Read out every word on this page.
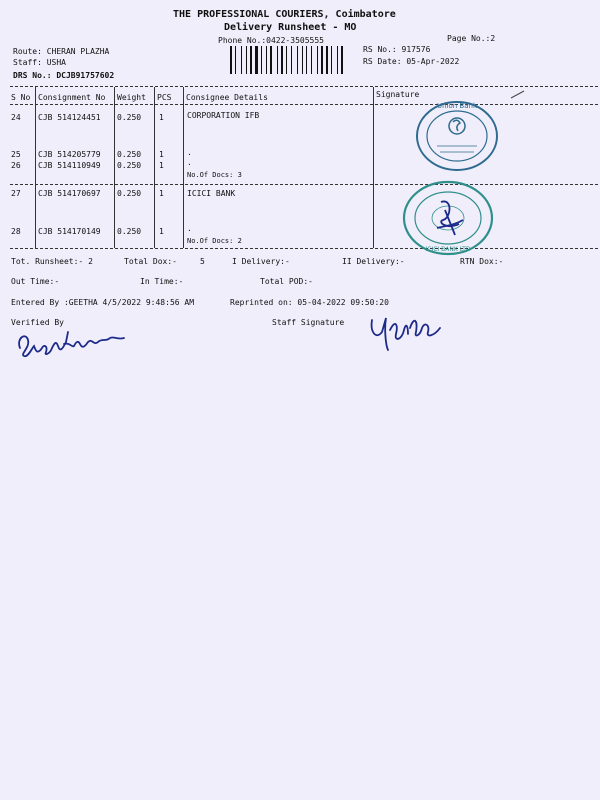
THE PROFESSIONAL COURIERS, Coimbatore
Delivery Runsheet - MO
Phone No.:0422-3505555	Page No.:2
Route: CHERAN PLAZHA
Staff: USHA
DRS No.: DCJB91757602
RS No.: 917576
RS Date: 05-Apr-2022
S No Consignment No Weight PCS Consignee Details	Signature
24 CJB 514124451 0.250 1	CORPORATION IFB
25 CJB 514205779 0.250 1	.
26 CJB 514110949 0.250 1	.
No.Of Docs: 3
27 CJB 514170697 0.250 1	ICICI BANK
28 CJB 514170149 0.250 1	.
No.Of Docs: 2
Union Bank
ICICI BANK LTD
Tot. Runsheet:- 2	Total Dox:-	5	I Delivery:-	II Delivery:-	RTN Dox:-
Out Time:-	In Time:-	Total POD:-
Entered By :GEETHA 4/5/2022 9:48:56 AM	Reprinted on: 05-04-2022 09:50:20
Verified By	Staff Signature
